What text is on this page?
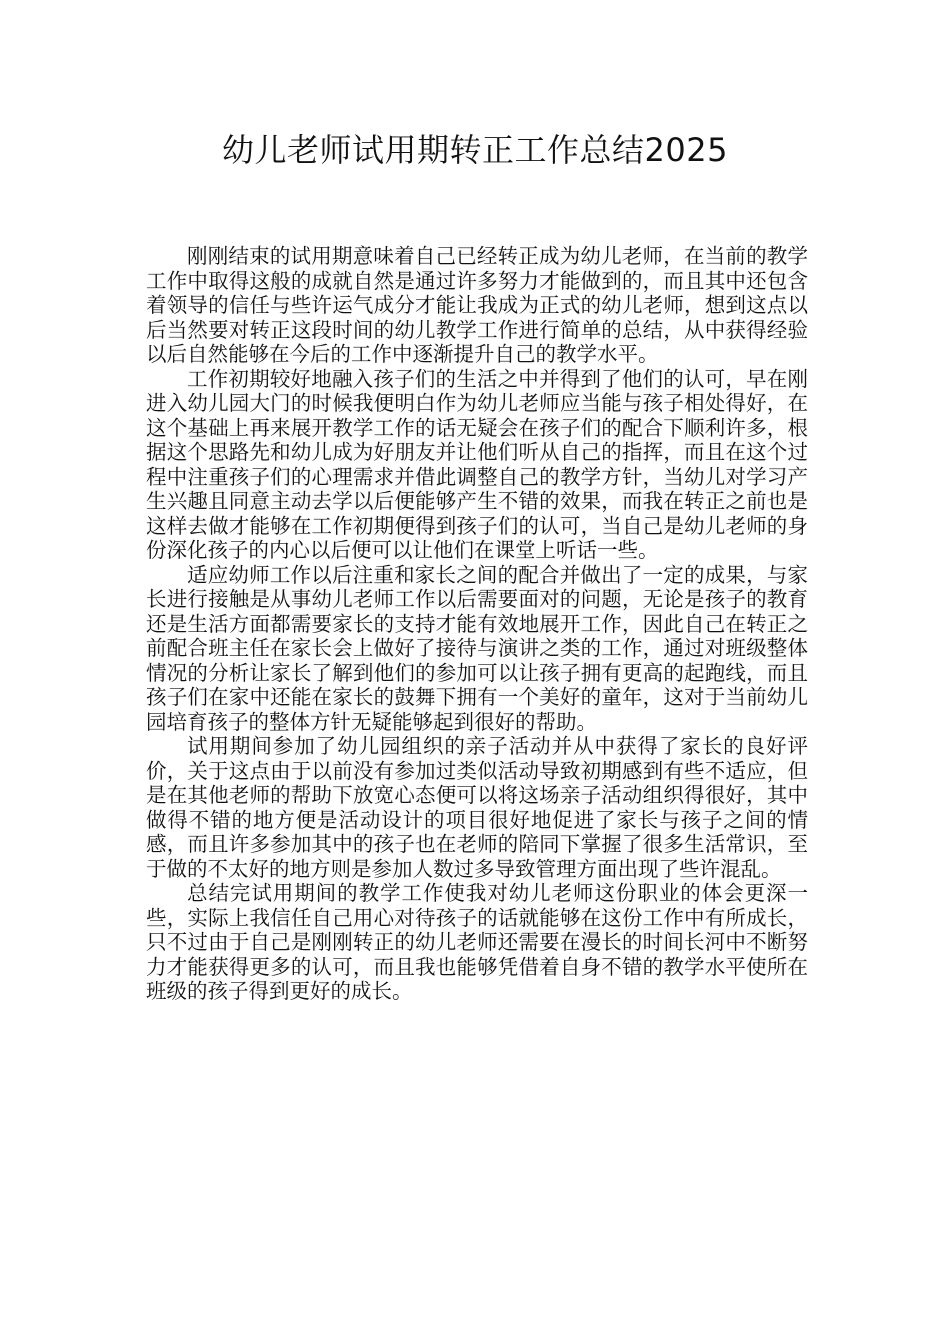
幼儿老师试用期转正工作总结2025

刚刚结束的试用期意味着自己已经转正成为幼儿老师，在当前的教学工作中取得这般的成就自然是通过许多努力才能做到的，而且其中还包含着领导的信任与些许运气成分才能让我成为正式的幼儿老师，想到这点以后当然要对转正这段时间的幼儿教学工作进行简单的总结，从中获得经验以后自然能够在今后的工作中逐渐提升自己的教学水平。

工作初期较好地融入孩子们的生活之中并得到了他们的认可，早在刚进入幼儿园大门的时候我便明白作为幼儿老师应当能与孩子相处得好，在这个基础上再来展开教学工作的话无疑会在孩子们的配合下顺利许多，根据这个思路先和幼儿成为好朋友并让他们听从自己的指挥，而且在这个过程中注重孩子们的心理需求并借此调整自己的教学方针，当幼儿对学习产生兴趣且同意主动去学以后便能够产生不错的效果，而我在转正之前也是这样去做才能够在工作初期便得到孩子们的认可，当自己是幼儿老师的身份深化孩子的内心以后便可以让他们在课堂上听话一些。

适应幼师工作以后注重和家长之间的配合并做出了一定的成果，与家长进行接触是从事幼儿老师工作以后需要面对的问题，无论是孩子的教育还是生活方面都需要家长的支持才能有效地展开工作，因此自己在转正之前配合班主任在家长会上做好了接待与演讲之类的工作，通过对班级整体情况的分析让家长了解到他们的参加可以让孩子拥有更高的起跑线，而且孩子们在家中还能在家长的鼓舞下拥有一个美好的童年，这对于当前幼儿园培育孩子的整体方针无疑能够起到很好的帮助。

试用期间参加了幼儿园组织的亲子活动并从中获得了家长的良好评价，关于这点由于以前没有参加过类似活动导致初期感到有些不适应，但是在其他老师的帮助下放宽心态便可以将这场亲子活动组织得很好，其中做得不错的地方便是活动设计的项目很好地促进了家长与孩子之间的情感，而且许多参加其中的孩子也在老师的陪同下掌握了很多生活常识，至于做的不太好的地方则是参加人数过多导致管理方面出现了些许混乱。

总结完试用期间的教学工作使我对幼儿老师这份职业的体会更深一些，实际上我信任自己用心对待孩子的话就能够在这份工作中有所成长，只不过由于自己是刚刚转正的幼儿老师还需要在漫长的时间长河中不断努力才能获得更多的认可，而且我也能够凭借着自身不错的教学水平使所在班级的孩子得到更好的成长。
